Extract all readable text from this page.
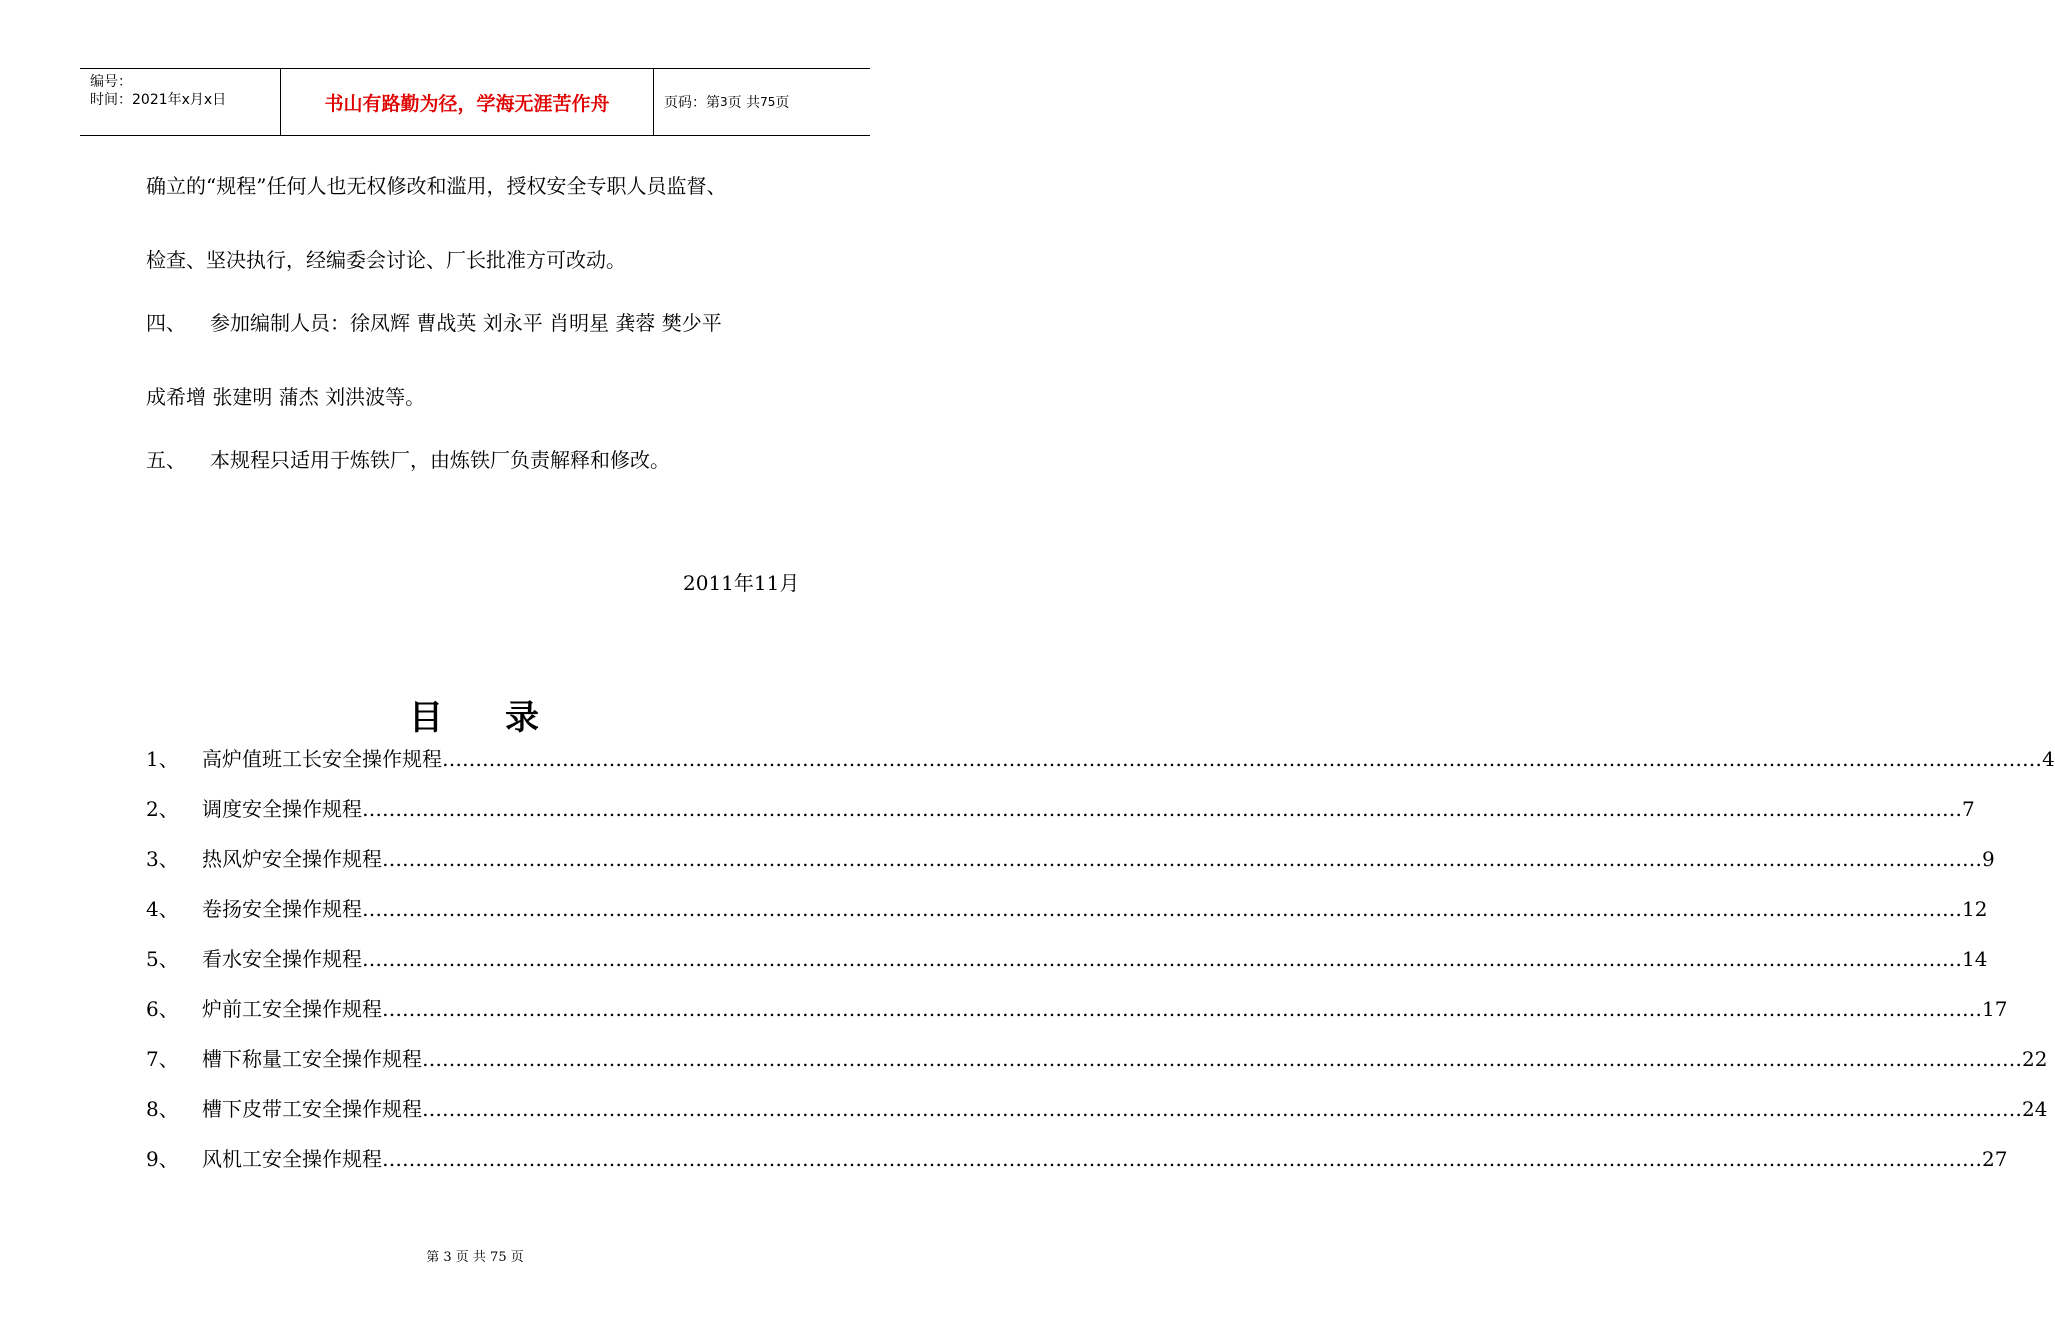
编号：
时间：2021年x月x日	书山有路勤为径，学海无涯苦作舟	页码：第 3 页 共 75 页
确立的“规程”任何人也无权修改和滥用，授权安全专职人员监督、
检查、坚决执行，经编委会讨论、厂长批准方可改动。
四、 参加编制人员：徐凤辉 曹战英 刘永平 肖明星 龚蓉 樊少平
成希增 张建明 蒲杰 刘洪波等。
五、 本规程只适用于炼铁厂，由炼铁厂负责解释和修改。
2011年11月
目 录
1、 高炉值班工长安全操作规程 …………………………………………………………………………………………………………………………………………………………………………………………………………………… 4
2、 调度安全操作规程 …………………………………………………………………………………………………………………………………………………………………………………………………………………… 7
3、 热风炉安全操作规程 …………………………………………………………………………………………………………………………………………………………………………………………………………………… 9
4、 卷扬安全操作规程 …………………………………………………………………………………………………………………………………………………………………………………………………………………… 12
5、 看水安全操作规程 …………………………………………………………………………………………………………………………………………………………………………………………………………………… 14
6、 炉前工安全操作规程 …………………………………………………………………………………………………………………………………………………………………………………………………………………… 17
7、 槽下称量工安全操作规程 …………………………………………………………………………………………………………………………………………………………………………………………………………………… 22
8、 槽下皮带工安全操作规程 …………………………………………………………………………………………………………………………………………………………………………………………………………………… 24
9、 风机工安全操作规程 …………………………………………………………………………………………………………………………………………………………………………………………………………………… 27
第 3 页 共 75 页
